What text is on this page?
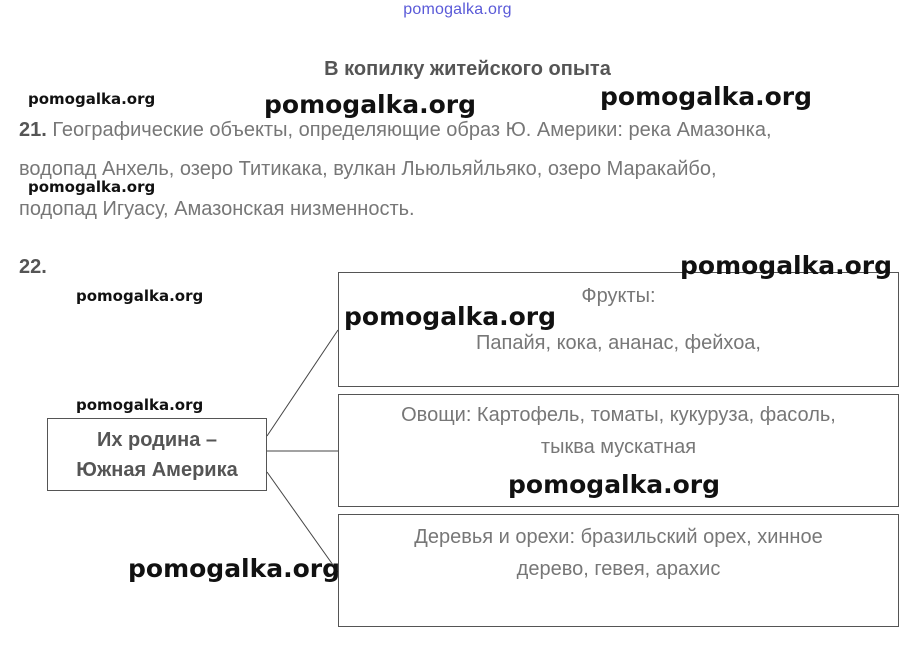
pomogalka.org
В копилку житейского опыта
21. Географические объекты, определяющие образ Ю. Америки: река Амазонка,
водопад Анхель, озеро Титикака, вулкан Льюльяйльяко, озеро Маракайбо,
подопад Игуасу, Амазонская низменность.
22.
Их родина –
Южная Америка
Фрукты:
Папайя, кока, ананас, фейхоа,
Овощи: Картофель, томаты, кукуруза, фасоль,
тыква мускатная
Деревья и орехи: бразильский орех, хинное
дерево, гевея, арахис
pomogalka.org	pomogalka.org	pomogalka.org
pomogalka.org
pomogalka.org
pomogalka.org
pomogalka.org
pomogalka.org
pomogalka.org
pomogalka.org
